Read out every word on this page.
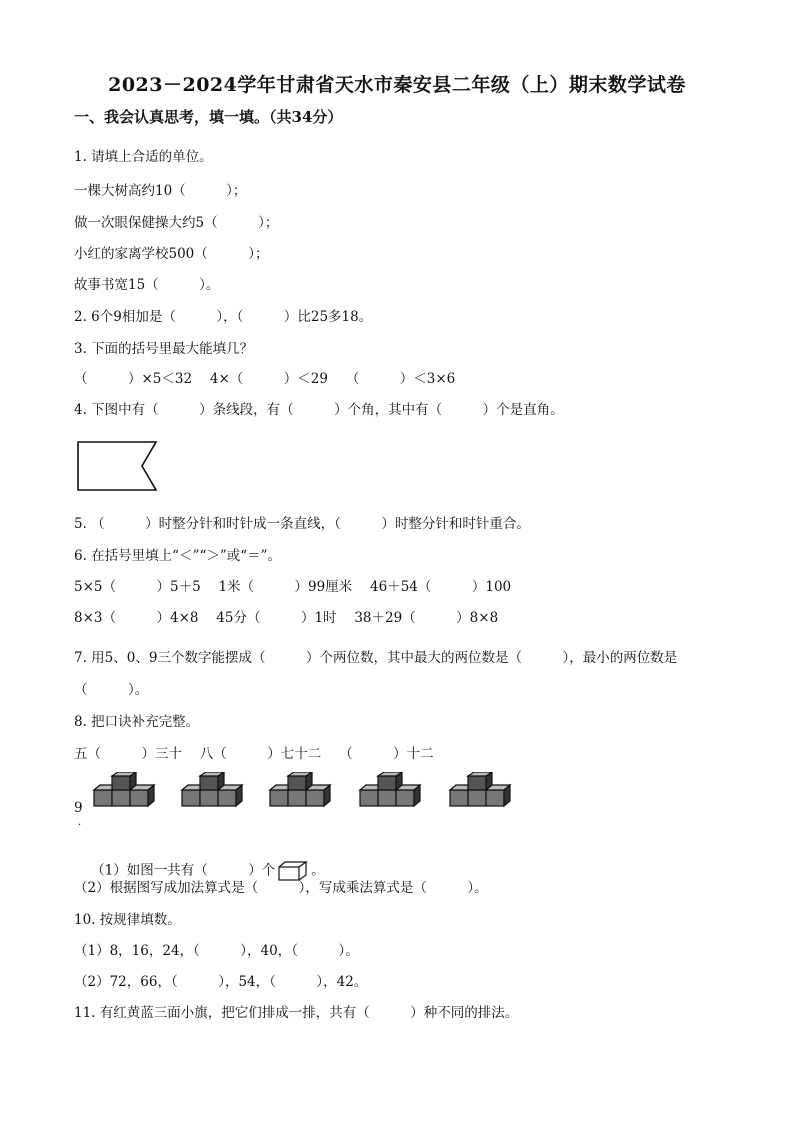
2023－2024学年甘肃省天水市秦安县二年级（上）期末数学试卷
一、我会认真思考，填一填。（共34分）
1. 请填上合适的单位。
一棵大树高约10（　　　）；
做一次眼保健操大约5（　　　）；
小红的家离学校500（　　　）；
故事书宽15（　　　）。
2. 6个9相加是（　　　），（　　　）比25多18。
3. 下面的括号里最大能填几？
（　　　）×5＜32　 4×（　　　）＜29　 （　　　）＜3×6
4. 下图中有（　　　）条线段，有（　　　）个角，其中有（　　　）个是直角。
5. （　　　）时整分针和时针成一条直线，（　　　）时整分针和时针重合。
6. 在括号里填上“＜”“＞”或“＝”。
5×5（　　　）5＋5　 1米（　　　）99厘米　 46＋54（　　　）100
8×3（　　　）4×8　 45分（　　　）1时　 38＋29（　　　）8×8
7. 用5、0、9三个数字能摆成（　　　）个两位数，其中最大的两位数是（　　　），最小的两位数是
（　　　）。
8. 把口诀补充完整。
五（　　　）三十　 八（　　　）七十二　 （　　　）十二
9
·

（1）如图一共有（　　　）个	。

（2）根据图写成加法算式是（　　　），写成乘法算式是（　　　）。
10. 按规律填数。
（1）8，16，24，（　　　），40，（　　　）。
（2）72，66，（　　　），54，（　　　），42。
11. 有红黄蓝三面小旗，把它们排成一排，共有（　　　）种不同的排法。
